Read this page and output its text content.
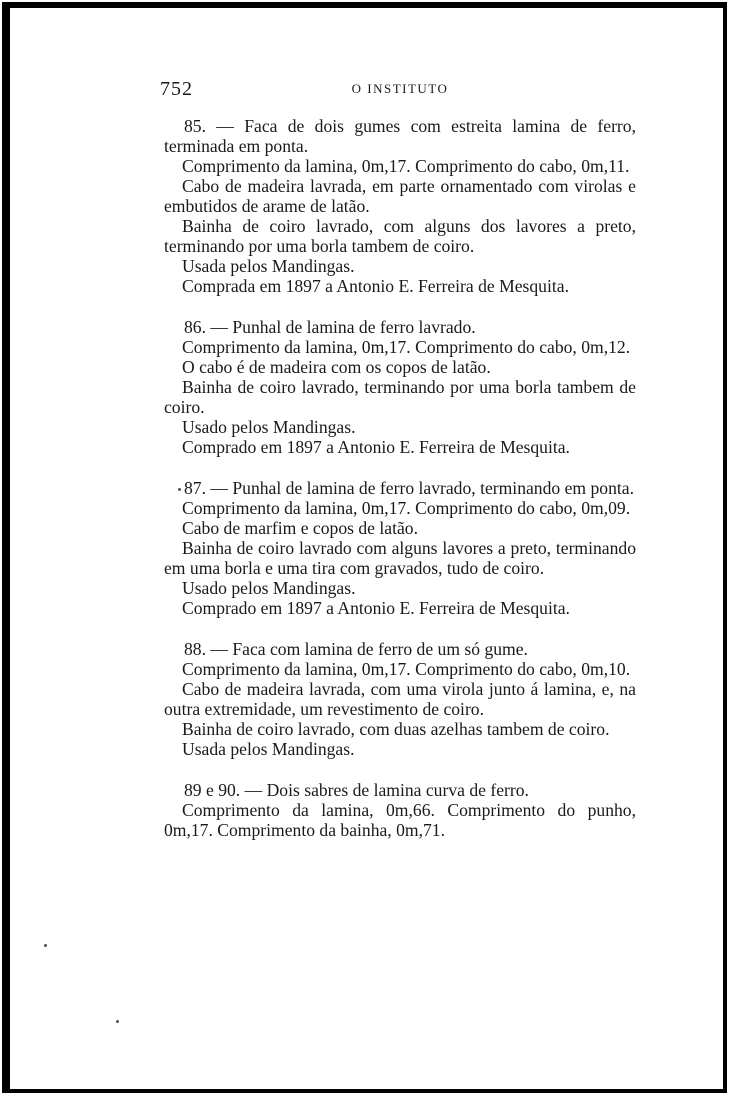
752	O INSTITUTO

85. — Faca de dois gumes com estreita lamina de ferro, terminada em ponta.

Comprimento da lamina, 0m,17. Comprimento do cabo, 0m,11.

Cabo de madeira lavrada, em parte ornamentado com virolas e embutidos de arame de latão.

Bainha de coiro lavrado, com alguns dos lavores a preto, terminando por uma borla tambem de coiro.

Usada pelos Mandingas.

Comprada em 1897 a Antonio E. Ferreira de Mesquita.

86. — Punhal de lamina de ferro lavrado.

Comprimento da lamina, 0m,17. Comprimento do cabo, 0m,12.

O cabo é de madeira com os copos de latão.

Bainha de coiro lavrado, terminando por uma borla tambem de coiro.

Usado pelos Mandingas.

Comprado em 1897 a Antonio E. Ferreira de Mesquita.

87. — Punhal de lamina de ferro lavrado, terminando em ponta.

Comprimento da lamina, 0m,17. Comprimento do cabo, 0m,09.

Cabo de marfim e copos de latão.

Bainha de coiro lavrado com alguns lavores a preto, terminando em uma borla e uma tira com gravados, tudo de coiro.

Usado pelos Mandingas.

Comprado em 1897 a Antonio E. Ferreira de Mesquita.

88. — Faca com lamina de ferro de um só gume.

Comprimento da lamina, 0m,17. Comprimento do cabo, 0m,10.

Cabo de madeira lavrada, com uma virola junto á lamina, e, na outra extremidade, um revestimento de coiro.

Bainha de coiro lavrado, com duas azelhas tambem de coiro.

Usada pelos Mandingas.

89 e 90. — Dois sabres de lamina curva de ferro.

Comprimento da lamina, 0m,66. Comprimento do punho, 0m,17. Comprimento da bainha, 0m,71.
